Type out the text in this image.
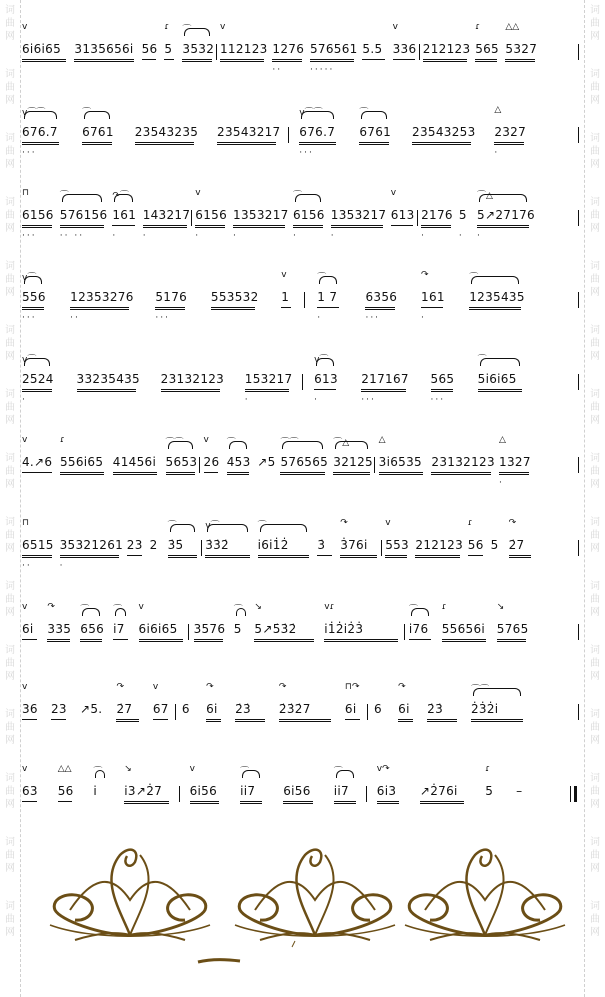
词
曲
网
词
曲
网
词
曲
网
词
曲
网
词
曲
网
词
曲
网
词
曲
网
词
曲
网
词
曲
网
词
曲
网
词
曲
网
词
曲
网
词
曲
网
词
曲
网
词
曲
网
词
曲
网
词
曲
网
词
曲
网
词
曲
网
词
曲
网
词
曲
网
词
曲
网
词
曲
网
词
曲
网
词
曲
网
词
曲
网
词
曲
网
词
曲
网
词
曲
网
词
曲
网
v
6i6i65 3135656i 56
ɾ
5
⌒
3532
v
112123 1276
··
576561
·····
5.5
v
336 212123
ɾ
565
△△
5327
v⌒⌒
676.7
···
⌒
6761 23543235 23543217
v⌒⌒
676.7
···
⌒
6761 23543253
△
2327
·
⊓
6156
···
⌒
576156
·· ··
↷⌒
161
·
143217
·
v
6156
·
1353217
·
⌒
6156
·
1353217
·
v
613 2176
·
5
·
⌒△
5↗27176
·
v⌒
556
···
12353276
··
5176
···
553532
v
1
⌒
1 7
·
6356
···
↷
161
·
⌒
1235435
v⌒
2524
·
33235435 23132123 153217
·
v⌒
613
·
217167
···
565
···
⌒
5i6i65
v
4.↗6
ɾ
556i65 41456i
⌒⌒
5653
v
26
⌒
453 ↗5
⌒⌒
576565
⌒△
32125
△
3i6535 23132123
△
1327
·
⊓
6515
··
35321261
·
23 2
⌒
3̇5̇
v⌒
3̇3̇2̇
⌒
i6i1̇2̇ 3̇
↷
3̇76i
v
553 212123
ɾ
56 5
↷
2̇7
v
6i
↷
335
⌒
656
⌒
i7
v
6i6i65 3576
⌒
5
↘
5↗5̇3̇2̇
vɾ
i1̇2̇i2̇3̇
⌒
i76
ɾ
55656i
↘
5765
v
36 23 ↗5.
↷
2̇7
v
67 6
↷
6i 2̇3̇
↷
2̇3̇2̇7
⊓↷
6i 6
↷
6i 2̇3̇
⌒⌒
2̇3̇2̇i
v
63
△△
56
⌒
i
↘
i3↗2̇7
v
6i56
⌒
ii7 6i56
⌒
ii7
v↷
6i3 ↗2̇76i
ɾ
5 –
